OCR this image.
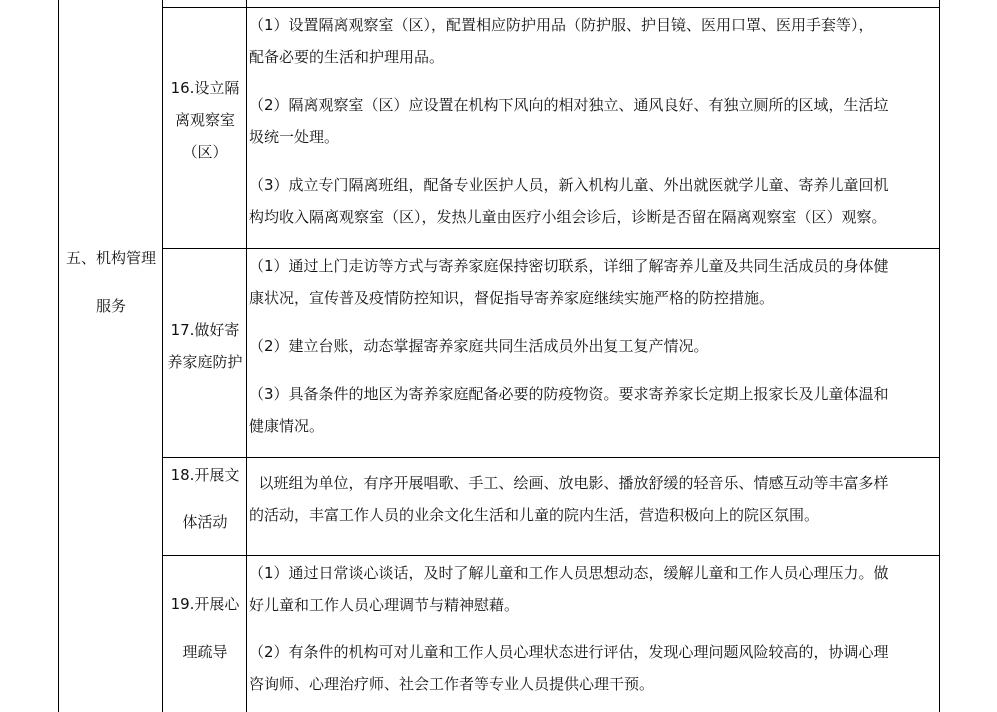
五、机构管理
服务
16.设立隔
离观察室
（区）
（1）设置隔离观察室（区），配置相应防护用品（防护服、护目镜、医用口罩、医用手套等），
配备必要的生活和护理用品。
（2）隔离观察室（区）应设置在机构下风向的相对独立、通风良好、有独立厕所的区域，生活垃
圾统一处理。
（3）成立专门隔离班组，配备专业医护人员，新入机构儿童、外出就医就学儿童、寄养儿童回机
构均收入隔离观察室（区），发热儿童由医疗小组会诊后，诊断是否留在隔离观察室（区）观察。
17.做好寄
养家庭防护
（1）通过上门走访等方式与寄养家庭保持密切联系，详细了解寄养儿童及共同生活成员的身体健
康状况，宣传普及疫情防控知识，督促指导寄养家庭继续实施严格的防控措施。
（2）建立台账，动态掌握寄养家庭共同生活成员外出复工复产情况。
（3）具备条件的地区为寄养家庭配备必要的防疫物资。要求寄养家长定期上报家长及儿童体温和
健康情况。
18.开展文
体活动
以班组为单位，有序开展唱歌、手工、绘画、放电影、播放舒缓的轻音乐、情感互动等丰富多样
的活动，丰富工作人员的业余文化生活和儿童的院内生活，营造积极向上的院区氛围。
19.开展心
理疏导
（1）通过日常谈心谈话，及时了解儿童和工作人员思想动态，缓解儿童和工作人员心理压力。做
好儿童和工作人员心理调节与精神慰藉。
（2）有条件的机构可对儿童和工作人员心理状态进行评估，发现心理问题风险较高的，协调心理
咨询师、心理治疗师、社会工作者等专业人员提供心理干预。
